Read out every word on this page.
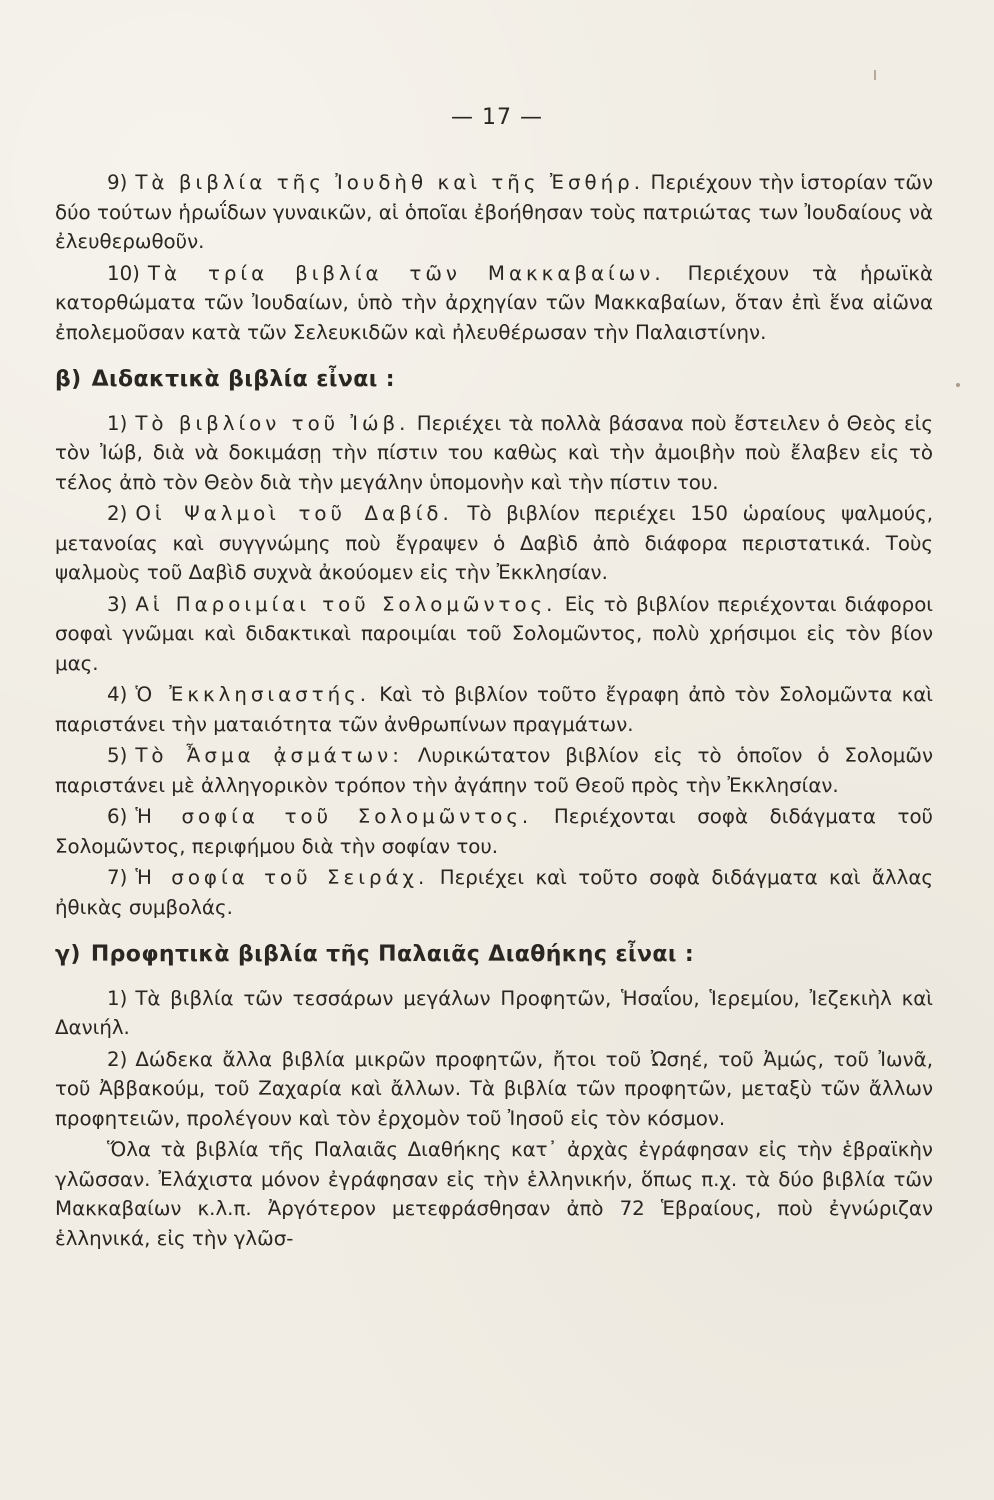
— 17 —

9) Τὰ βιβλία τῆς Ἰουδὴθ καὶ τῆς Ἐσθήρ. Περιέχουν τὴν ἱστορίαν τῶν δύο τούτων ἡρωΐδων γυναικῶν, αἱ ὁποῖαι ἐβοήθησαν τοὺς πατριώτας των Ἰουδαίους νὰ ἐλευθερωθοῦν.

10) Τὰ τρία βιβλία τῶν Μακκαβαίων. Περιέχουν τὰ ἡρωϊκὰ κατορθώματα τῶν Ἰουδαίων, ὑπὸ τὴν ἀρχηγίαν τῶν Μακκαβαίων, ὅταν ἐπὶ ἕνα αἰῶνα ἐπολεμοῦσαν κατὰ τῶν Σελευκιδῶν καὶ ἠλευθέρωσαν τὴν Παλαιστίνην.

β) Διδακτικὰ βιβλία εἶναι :

1) Τὸ βιβλίον τοῦ Ἰώβ. Περιέχει τὰ πολλὰ βάσανα ποὺ ἔστειλεν ὁ Θεὸς εἰς τὸν Ἰώβ, διὰ νὰ δοκιμάσῃ τὴν πίστιν του καθὼς καὶ τὴν ἀμοιβὴν ποὺ ἔλαβεν εἰς τὸ τέλος ἀπὸ τὸν Θεὸν διὰ τὴν μεγάλην ὑπομονὴν καὶ τὴν πίστιν του.

2) Οἱ Ψαλμοὶ τοῦ Δαβίδ. Τὸ βιβλίον περιέχει 150 ὡραίους ψαλμούς, μετανοίας καὶ συγγνώμης ποὺ ἔγραψεν ὁ Δαβὶδ ἀπὸ διάφορα περιστατικά. Τοὺς ψαλμοὺς τοῦ Δαβὶδ συχνὰ ἀκούομεν εἰς τὴν Ἐκκλησίαν.

3) Αἱ Παροιμίαι τοῦ Σολομῶντος. Εἰς τὸ βιβλίον περιέχονται διάφοροι σοφαὶ γνῶμαι καὶ διδακτικαὶ παροιμίαι τοῦ Σολομῶντος, πολὺ χρήσιμοι εἰς τὸν βίον μας.

4) Ὁ Ἐκκλησιαστής. Καὶ τὸ βιβλίον τοῦτο ἔγραφη ἀπὸ τὸν Σολομῶντα καὶ παριστάνει τὴν ματαιότητα τῶν ἀνθρωπίνων πραγμάτων.

5) Τὸ Ἆσμα ᾀσμάτων: Λυρικώτατον βιβλίον εἰς τὸ ὁποῖον ὁ Σολομῶν παριστάνει μὲ ἀλληγορικὸν τρόπον τὴν ἀγάπην τοῦ Θεοῦ πρὸς τὴν Ἐκκλησίαν.

6) Ἡ σοφία τοῦ Σολομῶντος. Περιέχονται σοφὰ διδάγματα τοῦ Σολομῶντος, περιφήμου διὰ τὴν σοφίαν του.

7) Ἡ σοφία τοῦ Σειράχ. Περιέχει καὶ τοῦτο σοφὰ διδάγματα καὶ ἄλλας ἠθικὰς συμβολάς.

γ) Προφητικὰ βιβλία τῆς Παλαιᾶς Διαθήκης εἶναι :

1) Τὰ βιβλία τῶν τεσσάρων μεγάλων Προφητῶν, Ἡσαΐου, Ἱερεμίου, Ἰεζεκιὴλ καὶ Δανιήλ.

2) Δώδεκα ἄλλα βιβλία μικρῶν προφητῶν, ἤτοι τοῦ Ὠσηέ, τοῦ Ἀμώς, τοῦ Ἰωνᾶ, τοῦ Ἀββακούμ, τοῦ Ζαχαρία καὶ ἄλλων. Τὰ βιβλία τῶν προφητῶν, μεταξὺ τῶν ἄλλων προφητειῶν, προλέγουν καὶ τὸν ἐρχομὸν τοῦ Ἰησοῦ εἰς τὸν κόσμον.

Ὅλα τὰ βιβλία τῆς Παλαιᾶς Διαθήκης κατ᾽ ἀρχὰς ἐγράφησαν εἰς τὴν ἑβραϊκὴν γλῶσσαν. Ἐλάχιστα μόνον ἐγράφησαν εἰς τὴν ἑλληνικήν, ὅπως π.χ. τὰ δύο βιβλία τῶν Μακκαβαίων κ.λ.π. Ἀργότερον μετεφράσθησαν ἀπὸ 72 Ἑβραίους, ποὺ ἐγνώριζαν ἑλληνικά, εἰς τὴν γλῶσ-
